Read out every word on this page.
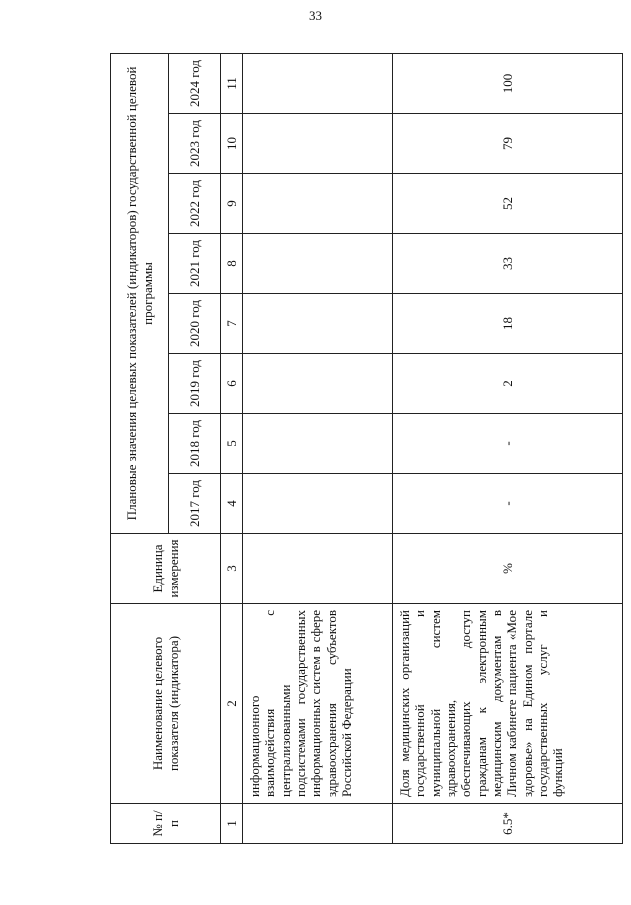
33
№ п/п	Наименование целевого показателя (индикатора)	Единица измерения	Плановые значения целевых показателей (индикаторов) государственной целевой программы							
			2017 год	2018 год	2019 год	2020 год	2021 год	2022 год	2023 год	2024 год
1	2	3	4	5	6	7	8	9	10	11
	информационного взаимодействия с централизованными подсистемами государственных информационных систем в сфере здравоохранения субъектов Российской Федерации									
6.5*	Доля медицинских организаций государственной и муниципальной систем здравоохранения, обеспечивающих доступ гражданам к электронным медицинским документам в Личном кабинете пациента «Мое здоровье» на Едином портале государственных услуг и функций	%	-	-	2	18	33	52	79	100
